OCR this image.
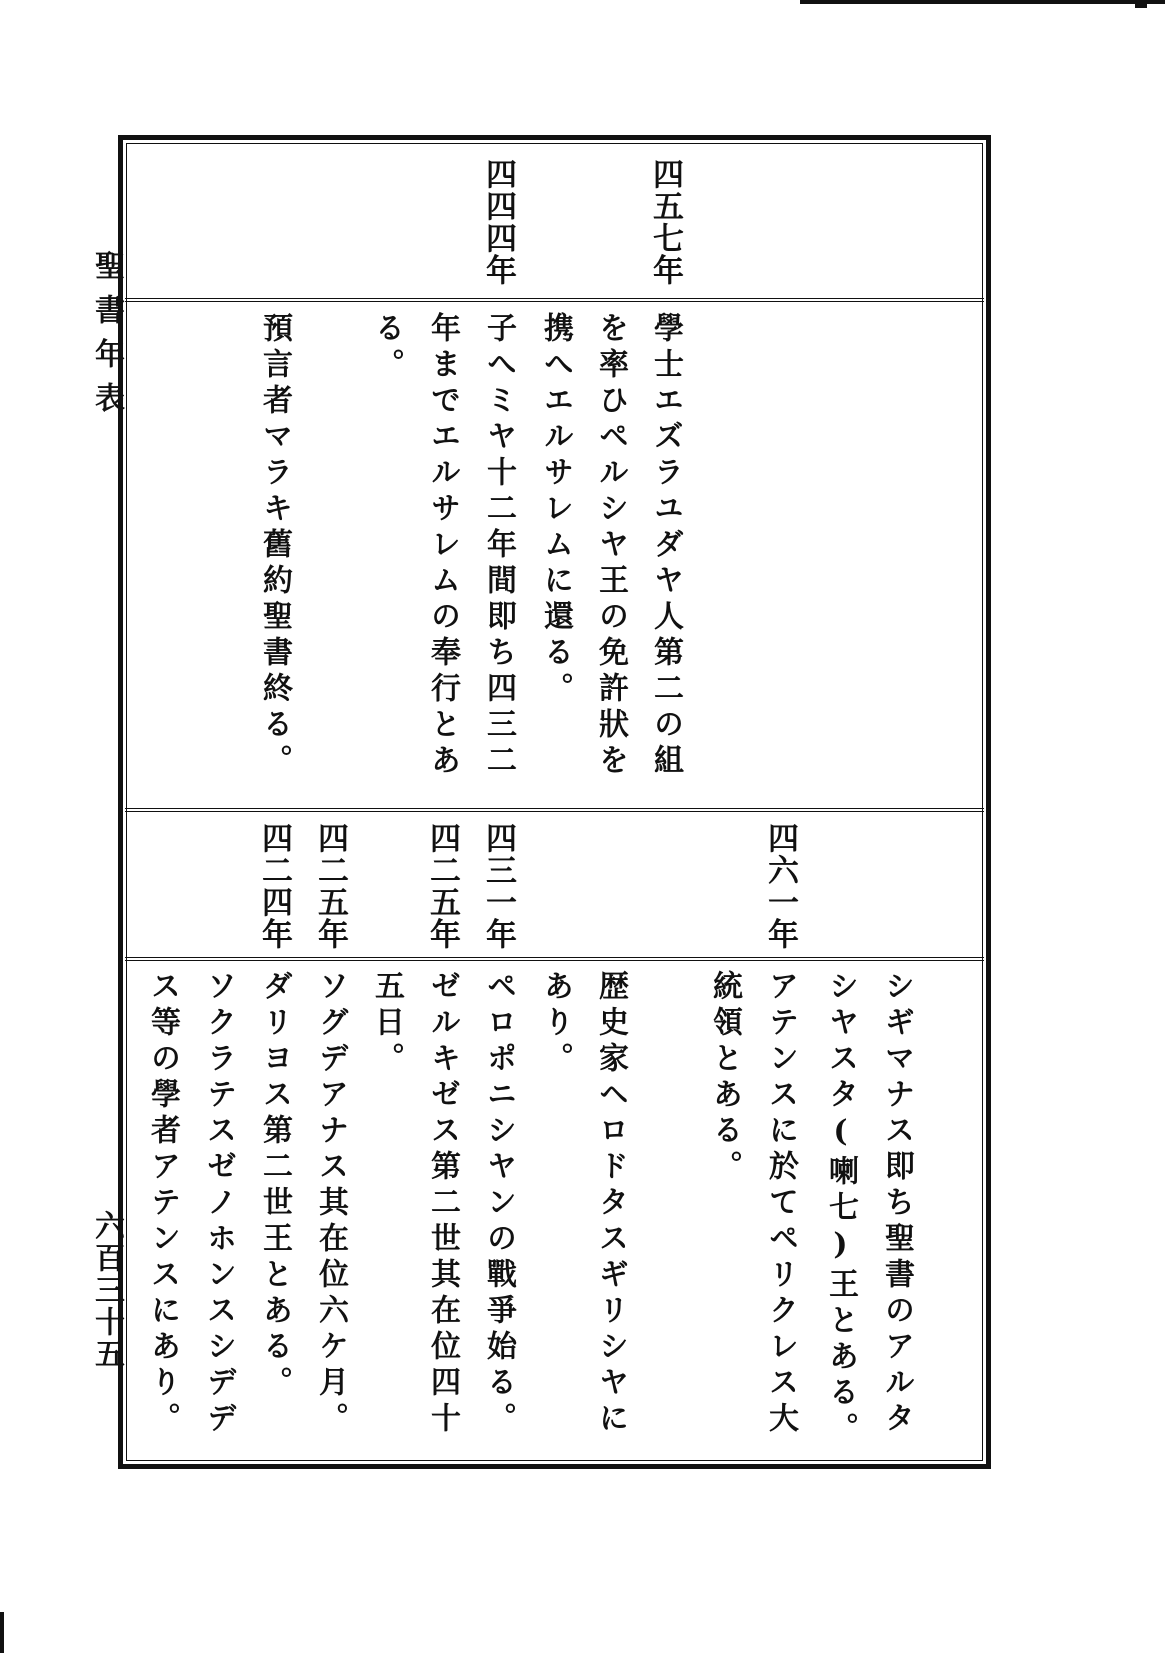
聖書年表
六百三十五
四五七年
四四四年
學士エズラユダヤ人第二の組
を率ひペルシヤ王の免許狀を
携へエルサレムに還る。
子へミヤ十二年間即ち四三二
年までエルサレムの奉行とあ
る。
預言者マラキ舊約聖書終る。
四六一年
四三一年
四二五年
四二五年
四二四年
シギマナス即ち聖書のアルタ
シヤスタ(喇七)王とある。
アテンスに於てペリクレス大
統領とある。
歴史家ヘロドタスギリシヤに
あり。
ペロポニシヤンの戰爭始る。
ゼルキゼス第二世其在位四十
五日。
ソグデアナス其在位六ケ月。
ダリヨス第二世王とある。
ソクラテスゼノホンスシデデ
ス等の學者アテンスにあり。
